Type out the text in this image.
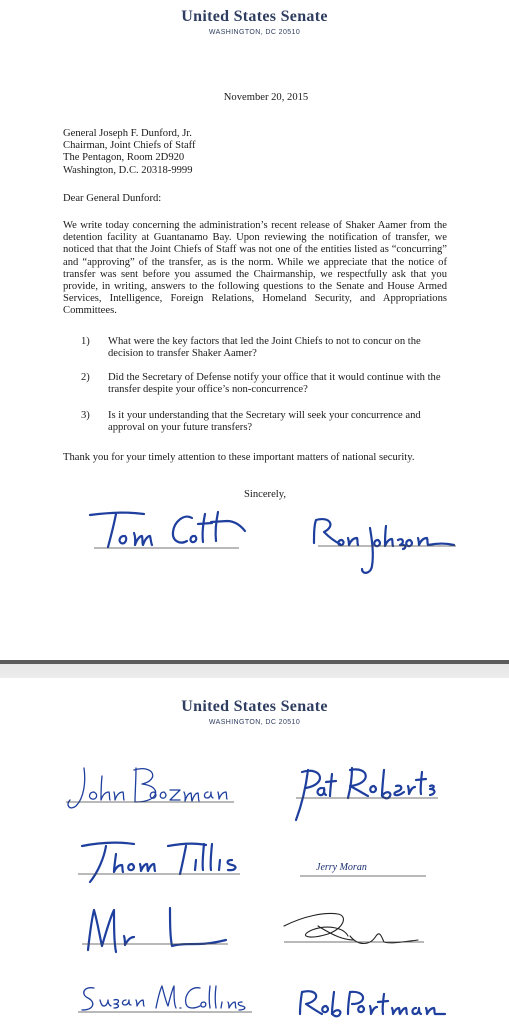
United States Senate
WASHINGTON, DC 20510
November 20, 2015
General Joseph F. Dunford, Jr.
Chairman, Joint Chiefs of Staff
The Pentagon, Room 2D920
Washington, D.C. 20318-9999
Dear General Dunford:

We write today concerning the administration’s recent release of Shaker Aamer from the detention facility at Guantanamo Bay. Upon reviewing the notification of transfer, we noticed that that the Joint Chiefs of Staff was not one of the entities listed as “concurring” and “approving” of the transfer, as is the norm. While we appreciate that the notice of transfer was sent before you assumed the Chairmanship, we respectfully ask that you provide, in writing, answers to the following questions to the Senate and House Armed Services, Intelligence, Foreign Relations, Homeland Security, and Appropriations Committees.

1) What were the key factors that led the Joint Chiefs to not to concur on the decision to transfer Shaker Aamer?
2) Did the Secretary of Defense notify your office that it would continue with the transfer despite your office’s non-concurrence?
3) Is it your understanding that the Secretary will seek your concurrence and approval on your future transfers?
Thank you for your timely attention to these important matters of national security.
Sincerely,
United States Senate
WASHINGTON, DC 20510
Jerry Moran
